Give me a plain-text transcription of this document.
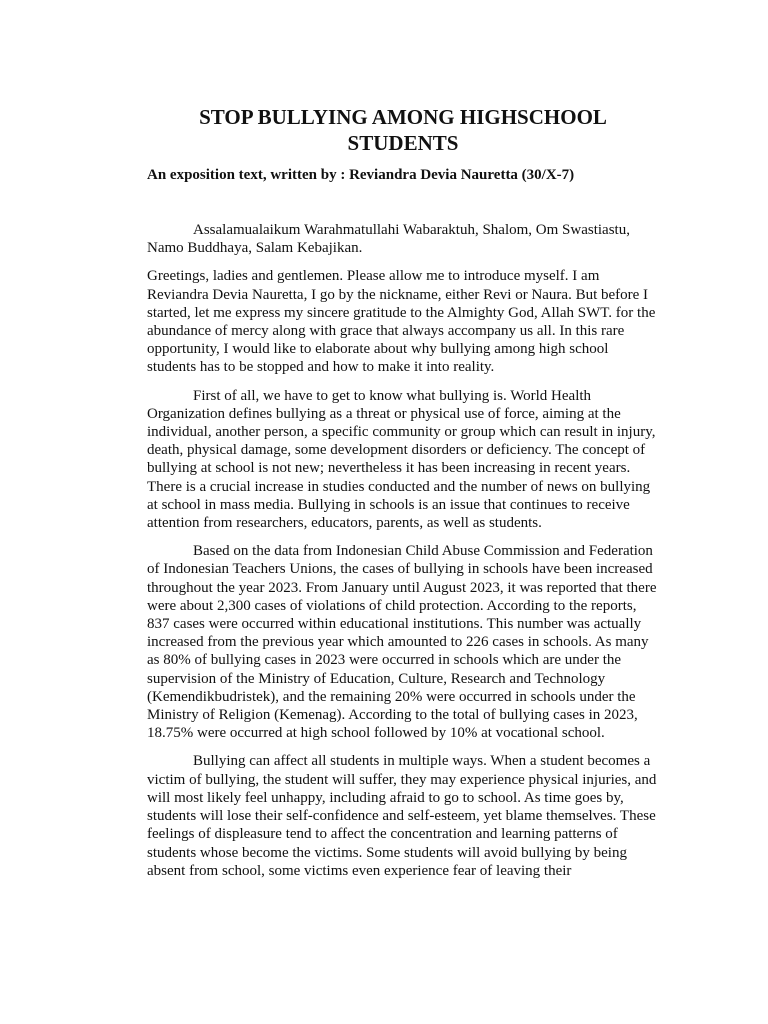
STOP BULLYING AMONG HIGHSCHOOL STUDENTS

An exposition text, written by : Reviandra Devia Nauretta (30/X-7)

Assalamualaikum Warahmatullahi Wabaraktuh, Shalom, Om Swastiastu, Namo Buddhaya, Salam Kebajikan.

Greetings, ladies and gentlemen. Please allow me to introduce myself. I am Reviandra Devia Nauretta, I go by the nickname, either Revi or Naura. But before I started, let me express my sincere gratitude to the Almighty God, Allah SWT. for the abundance of mercy along with grace that always accompany us all. In this rare opportunity, I would like to elaborate about why bullying among high school students has to be stopped and how to make it into reality.

First of all, we have to get to know what bullying is. World Health Organization defines bullying as a threat or physical use of force, aiming at the individual, another person, a specific community or group which can result in injury, death, physical damage, some development disorders or deficiency. The concept of bullying at school is not new; nevertheless it has been increasing in recent years. There is a crucial increase in studies conducted and the number of news on bullying at school in mass media. Bullying in schools is an issue that continues to receive attention from researchers, educators, parents, as well as students.

Based on the data from Indonesian Child Abuse Commission and Federation of Indonesian Teachers Unions, the cases of bullying in schools have been increased throughout the year 2023. From January until August 2023, it was reported that there were about 2,300 cases of violations of child protection. According to the reports, 837 cases were occurred within educational institutions. This number was actually increased from the previous year which amounted to 226 cases in schools. As many as 80% of bullying cases in 2023 were occurred in schools which are under the supervision of the Ministry of Education, Culture, Research and Technology (Kemendikbudristek), and the remaining 20% were occurred in schools under the Ministry of Religion (Kemenag). According to the total of bullying cases in 2023, 18.75% were occurred at high school followed by 10% at vocational school.

Bullying can affect all students in multiple ways. When a student becomes a victim of bullying, the student will suffer, they may experience physical injuries, and will most likely feel unhappy, including afraid to go to school. As time goes by, students will lose their self-confidence and self-esteem, yet blame themselves. These feelings of displeasure tend to affect the concentration and learning patterns of students whose become the victims. Some students will avoid bullying by being absent from school, some victims even experience fear of leaving their
